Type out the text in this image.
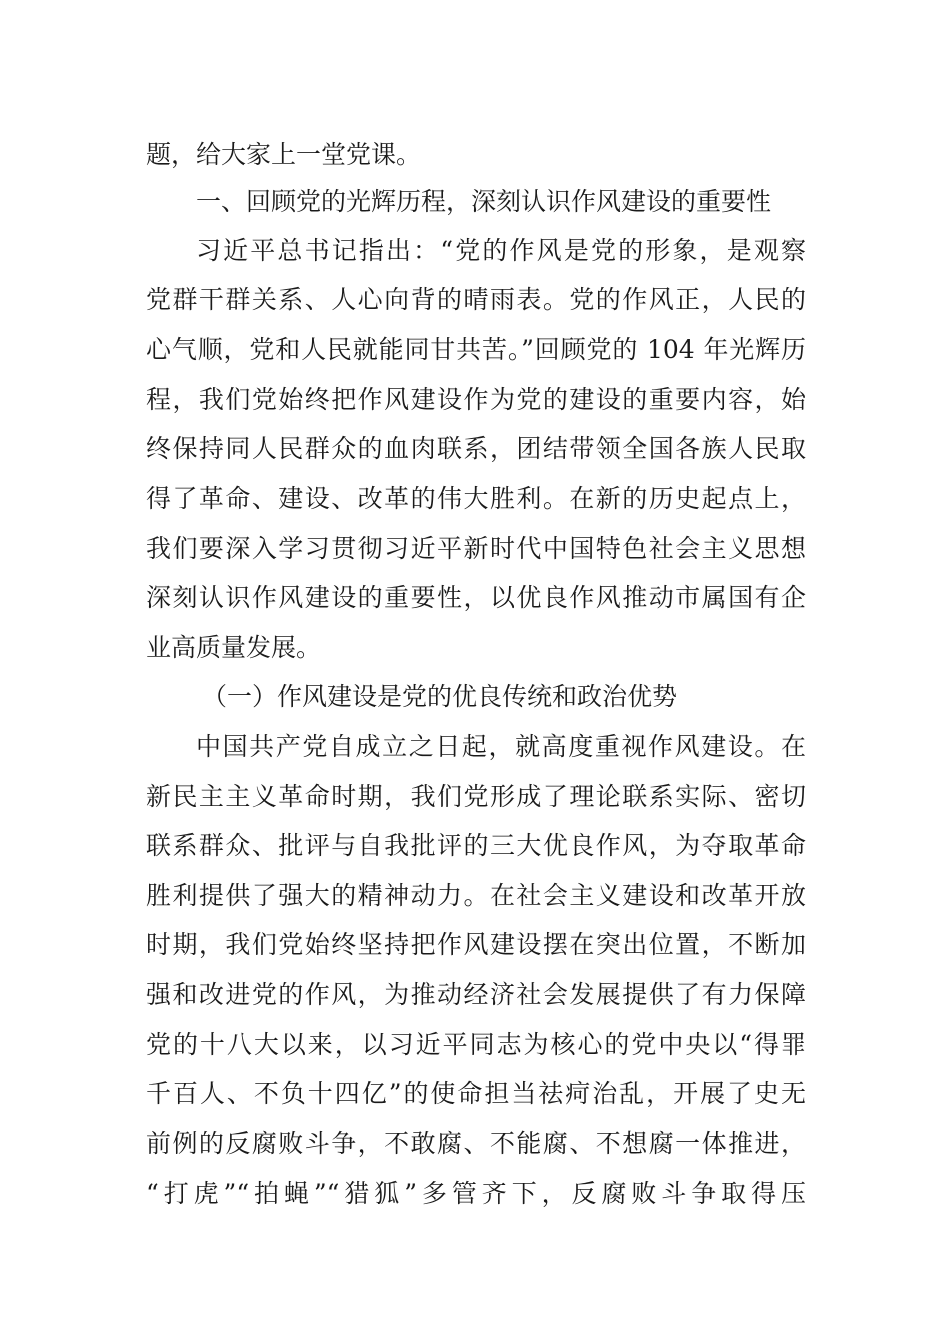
题，给大家上一堂党课。
一、回顾党的光辉历程，深刻认识作风建设的重要性
习近平总书记指出：“党的作风是党的形象，是观察
党群干群关系、人心向背的晴雨表。党的作风正，人民的
心气顺，党和人民就能同甘共苦。”回顾党的 104 年光辉历
程，我们党始终把作风建设作为党的建设的重要内容，始
终保持同人民群众的血肉联系，团结带领全国各族人民取
得了革命、建设、改革的伟大胜利。在新的历史起点上，
我们要深入学习贯彻习近平新时代中国特色社会主义思想
深刻认识作风建设的重要性，以优良作风推动市属国有企
业高质量发展。
（一）作风建设是党的优良传统和政治优势
中国共产党自成立之日起，就高度重视作风建设。在
新民主主义革命时期，我们党形成了理论联系实际、密切
联系群众、批评与自我批评的三大优良作风，为夺取革命
胜利提供了强大的精神动力。在社会主义建设和改革开放
时期，我们党始终坚持把作风建设摆在突出位置，不断加
强和改进党的作风，为推动经济社会发展提供了有力保障
党的十八大以来，以习近平同志为核心的党中央以“得罪
千百人、不负十四亿”的使命担当祛疴治乱，开展了史无
前例的反腐败斗争，不敢腐、不能腐、不想腐一体推进，
“打虎”“拍蝇”“猎狐”多管齐下，反腐败斗争取得压
